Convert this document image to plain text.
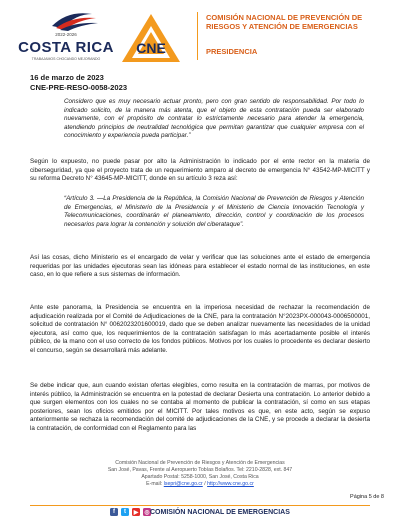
2022-2026
COSTA RICA
TRABAJAMOS CHOCANDO MEJORANDO
CNE
COMISIÓN NACIONAL DE PREVENCIÓN DE RIESGOS Y ATENCIÓN DE EMERGENCIAS
PRESIDENCIA
16 de marzo de 2023
CNE-PRE-RESO-0058-2023

Considero que es muy necesario actuar pronto, pero con gran sentido de responsabilidad. Por todo lo indicado solicito, de la manera más atenta, que el objeto de esta contratación pueda ser elaborado nuevamente, con el propósito de contratar lo estrictamente necesario para atender la emergencia, atendiendo principios de neutralidad tecnológica que permitan garantizar que cualquier empresa con el conocimiento y experiencia pueda participar.”

Según lo expuesto, no puede pasar por alto la Administración lo indicado por el ente rector en la materia de ciberseguridad, ya que el proyecto trata de un requerimiento amparo al decreto de emergencia N° 43542-MP-MICITT y su reforma Decreto N° 43645-MP-MICITT, donde en su artículo 3 reza así:

“Artículo 3. —La Presidencia de la República, la Comisión Nacional de Prevención de Riesgos y Atención de Emergencias, el Ministerio de la Presidencia y el Ministerio de Ciencia Innovación Tecnología y Telecomunicaciones, coordinarán el planeamiento, dirección, control y coordinación de los procesos necesarios para lograr la contención y solución del ciberataque”.

Así las cosas, dicho Ministerio es el encargado de velar y verificar que las soluciones ante el estado de emergencia requeridas por las unidades ejecutoras sean las idóneas para establecer el estado normal de las instituciones, en este caso, en lo que refiere a sus sistemas de información.

Ante este panorama, la Presidencia se encuentra en la imperiosa necesidad de rechazar la recomendación de adjudicación realizada por el Comité de Adjudicaciones de la CNE, para la contratación N°2023PX-000043-0006500001, solicitud de contratación N° 0062023201600019, dado que se deben analizar nuevamente las necesidades de la unidad ejecutora, así como que, los requerimientos de la contratación satisfagan lo más acertadamente posible el interés público, de la mano con el uso correcto de los fondos públicos. Motivos por los cuales lo procedente es declarar desierto el concurso, según se desarrollará más adelante.

Se debe indicar que, aun cuando existan ofertas elegibles, como resulta en la contratación de marras, por motivos de interés público, la Administración se encuentra en la potestad de declarar Desierta una contratación. Lo anterior debido a que surgen elementos con los cuales no se contaba al momento de publicar la contratación, sí como en sus etapas posteriores, sean los oficios emitidos por el MICITT. Por tales motivos es que, en este acto, según se expuso anteriormente se rechaza la recomendación del comité de adjudicaciones de la CNE, y se procede a declarar la desierta la contratación, de conformidad con el Reglamento para las

Comisión Nacional de Prevención de Riesgos y Atención de Emergencias
San José, Pavas, Frente al Aeropuerto Tobías Bolaños. Tel: 2210-2828, ext. 847
Apartado Postal: 5258-1000, San José, Costa Rica
E-mail: lsepri@cne.go.cr / http://www.cne.go.cr
Página 5 de 8
f	t	▶ ◎ COMISIÓN NACIONAL DE EMERGENCIAS
